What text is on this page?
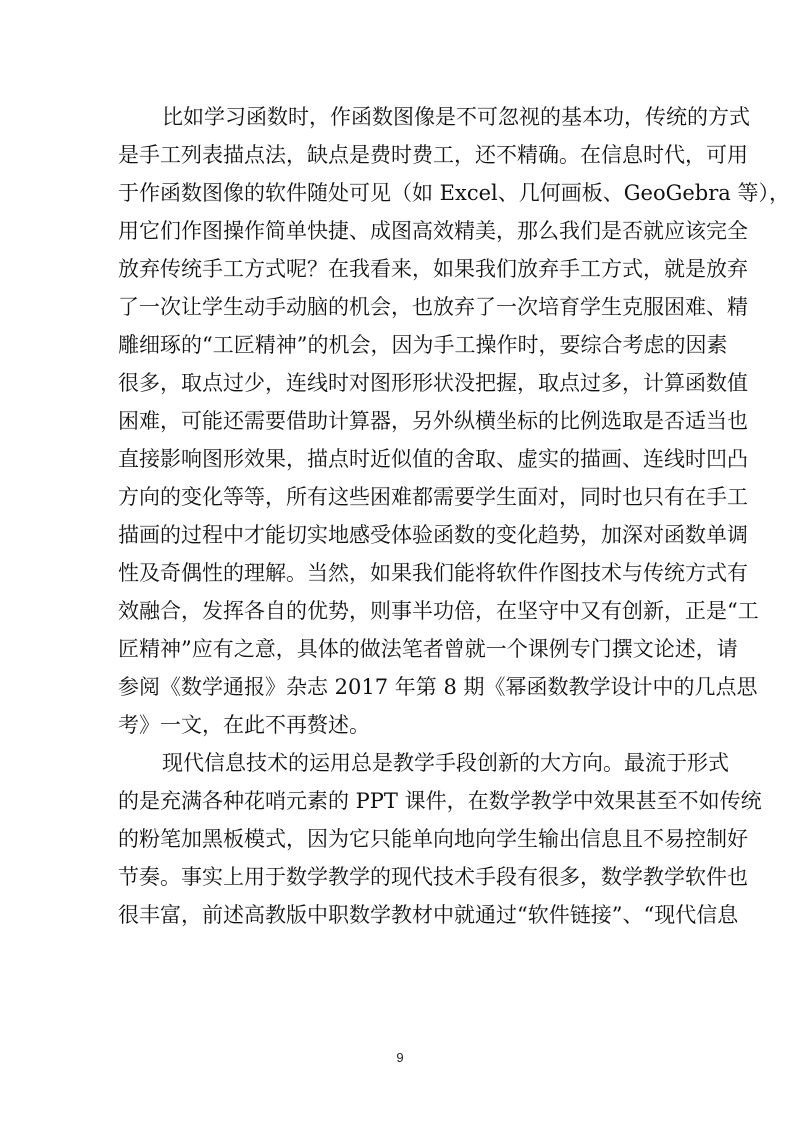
比如学习函数时，作函数图像是不可忽视的基本功，传统的方式
是手工列表描点法，缺点是费时费工，还不精确。在信息时代，可用
于作函数图像的软件随处可见（如 Excel、几何画板、GeoGebra 等），
用它们作图操作简单快捷、成图高效精美，那么我们是否就应该完全
放弃传统手工方式呢？在我看来，如果我们放弃手工方式，就是放弃
了一次让学生动手动脑的机会，也放弃了一次培育学生克服困难、精
雕细琢的“工匠精神”的机会，因为手工操作时，要综合考虑的因素
很多，取点过少，连线时对图形形状没把握，取点过多，计算函数值
困难，可能还需要借助计算器，另外纵横坐标的比例选取是否适当也
直接影响图形效果，描点时近似值的舍取、虚实的描画、连线时凹凸
方向的变化等等，所有这些困难都需要学生面对，同时也只有在手工
描画的过程中才能切实地感受体验函数的变化趋势，加深对函数单调
性及奇偶性的理解。当然，如果我们能将软件作图技术与传统方式有
效融合，发挥各自的优势，则事半功倍，在坚守中又有创新，正是“工
匠精神”应有之意，具体的做法笔者曾就一个课例专门撰文论述，请
参阅《数学通报》杂志 2017 年第 8 期《幂函数教学设计中的几点思
考》一文，在此不再赘述。
现代信息技术的运用总是教学手段创新的大方向。最流于形式
的是充满各种花哨元素的 PPT 课件，在数学教学中效果甚至不如传统
的粉笔加黑板模式，因为它只能单向地向学生输出信息且不易控制好
节奏。事实上用于数学教学的现代技术手段有很多，数学教学软件也
很丰富，前述高教版中职数学教材中就通过“软件链接”、“现代信息
9
